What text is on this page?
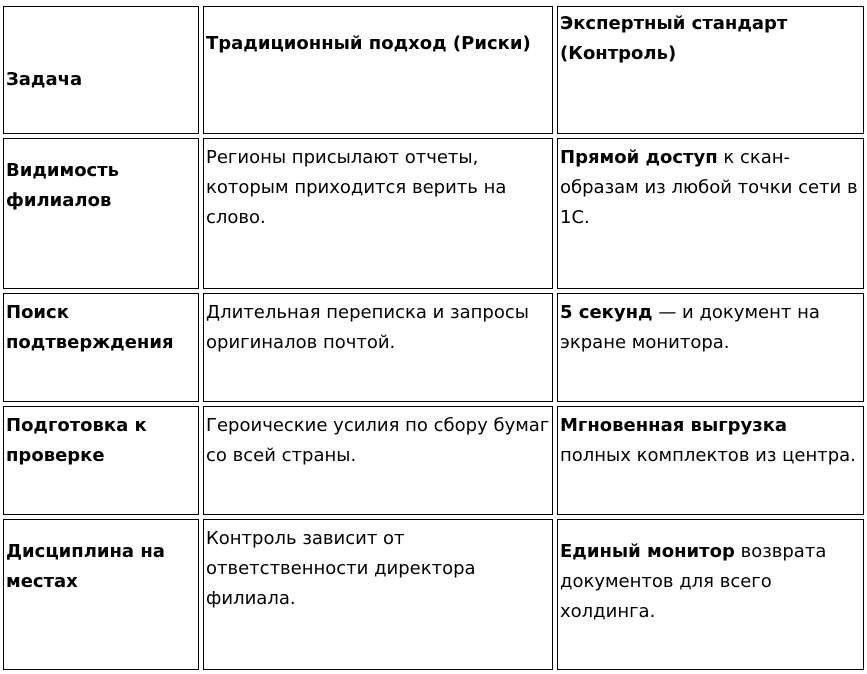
Задача	Традиционный подход (Риски)	Экспертный стандарт (Контроль)
Видимость филиалов	Регионы присылают отчеты, которым приходится верить на слово.	Прямой доступ к скан-образам из любой точки сети в 1С.
Поиск подтверждения	Длительная переписка и запросы оригиналов почтой.	5 секунд — и документ на экране монитора.
Подготовка к проверке	Героические усилия по сбору бумаг со всей страны.	Мгновенная выгрузка полных комплектов из центра.
Дисциплина на местах	Контроль зависит от ответственности директора филиала.	Единый монитор возврата документов для всего холдинга.
